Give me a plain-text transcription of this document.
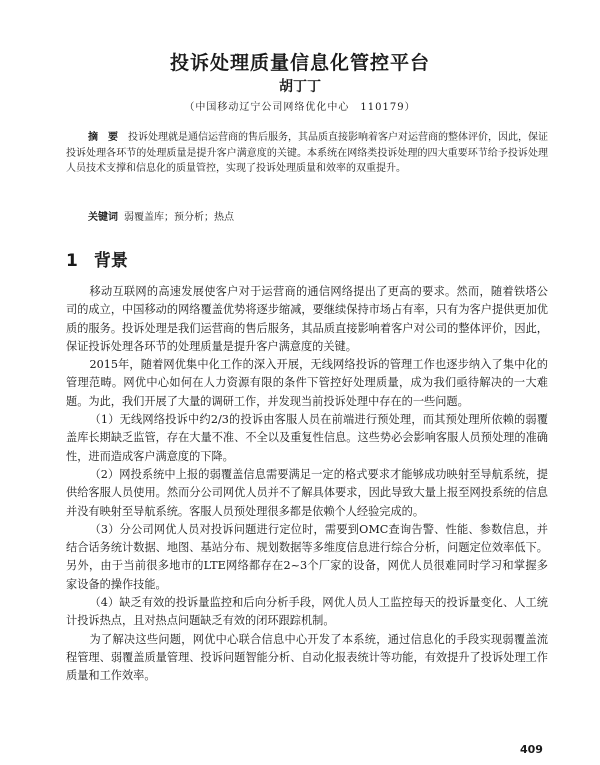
投诉处理质量信息化管控平台
胡丁丁
（中国移动辽宁公司网络优化中心　110179）
摘　要 投诉处理就是通信运营商的售后服务，其品质直接影响着客户对运营商的整体评价，因此，保证投诉处理各环节的处理质量是提升客户满意度的关键。本系统在网络类投诉处理的四大重要环节给予投诉处理人员技术支撑和信息化的质量管控，实现了投诉处理质量和效率的双重提升。
关键词 弱覆盖库；预分析；热点
1 背景

移动互联网的高速发展使客户对于运营商的通信网络提出了更高的要求。然而，随着铁塔公司的成立，中国移动的网络覆盖优势将逐步缩减，要继续保持市场占有率，只有为客户提供更加优质的服务。投诉处理是我们运营商的售后服务，其品质直接影响着客户对公司的整体评价，因此，保证投诉处理各环节的处理质量是提升客户满意度的关键。

2015年，随着网优集中化工作的深入开展，无线网络投诉的管理工作也逐步纳入了集中化的管理范畴。网优中心如何在人力资源有限的条件下管控好处理质量，成为我们亟待解决的一大难题。为此，我们开展了大量的调研工作，并发现当前投诉处理中存在的一些问题。

（1）无线网络投诉中约2/3的投诉由客服人员在前端进行预处理，而其预处理所依赖的弱覆盖库长期缺乏监管，存在大量不准、不全以及重复性信息。这些势必会影响客服人员预处理的准确性，进而造成客户满意度的下降。

（2）网投系统中上报的弱覆盖信息需要满足一定的格式要求才能够成功映射至导航系统，提供给客服人员使用。然而分公司网优人员并不了解具体要求，因此导致大量上报至网投系统的信息并没有映射至导航系统。客服人员预处理很多都是依赖个人经验完成的。

（3）分公司网优人员对投诉问题进行定位时，需要到OMC查询告警、性能、参数信息，并结合话务统计数据、地图、基站分布、规划数据等多维度信息进行综合分析，问题定位效率低下。另外，由于当前很多地市的LTE网络都存在2~3个厂家的设备，网优人员很难同时学习和掌握多家设备的操作技能。

（4）缺乏有效的投诉量监控和后向分析手段，网优人员人工监控每天的投诉量变化、人工统计投诉热点，且对热点问题缺乏有效的闭环跟踪机制。

为了解决这些问题，网优中心联合信息中心开发了本系统，通过信息化的手段实现弱覆盖流程管理、弱覆盖质量管理、投诉问题智能分析、自动化报表统计等功能，有效提升了投诉处理工作质量和工作效率。

409
